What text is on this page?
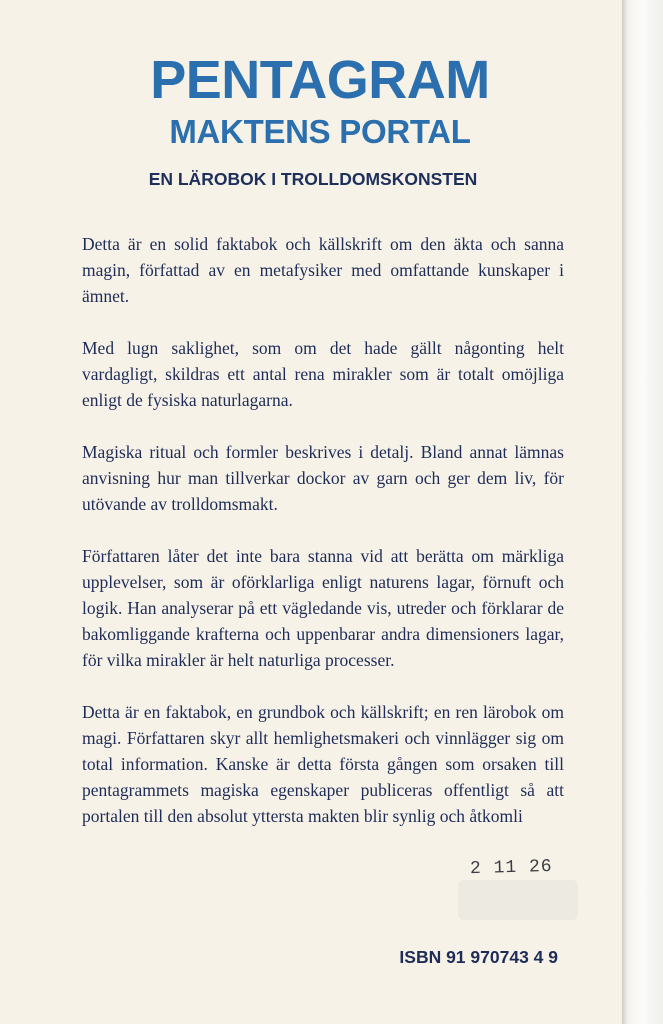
PENTAGRAM
MAKTENS PORTAL
EN LÄROBOK I TROLLDOMSKONSTEN

Detta är en solid faktabok och källskrift om den äkta och sanna magin, författad av en metafysiker med omfattande kunskaper i ämnet.

Med lugn saklighet, som om det hade gällt någonting helt vardagligt, skildras ett antal rena mirakler som är totalt omöjliga enligt de fysiska naturlagarna.

Magiska ritual och formler beskrives i detalj. Bland annat lämnas anvisning hur man tillverkar dockor av garn och ger dem liv, för utövande av trolldomsmakt.

Författaren låter det inte bara stanna vid att berätta om märkliga upplevelser, som är oförklarliga enligt naturens lagar, förnuft och logik. Han analyserar på ett vägledande vis, utreder och förklarar de bakomliggande krafterna och uppenbarar andra dimensioners lagar, för vilka mirakler är helt naturliga processer.

Detta är en faktabok, en grundbok och källskrift; en ren lärobok om magi. Författaren skyr allt hemlighetsmakeri och vinnlägger sig om total information. Kanske är detta första gången som orsaken till pentagrammets magiska egenskaper publiceras offentligt så att portalen till den absolut yttersta makten blir synlig och åtkomli

2 11 26

ISBN 91 970743 4 9
